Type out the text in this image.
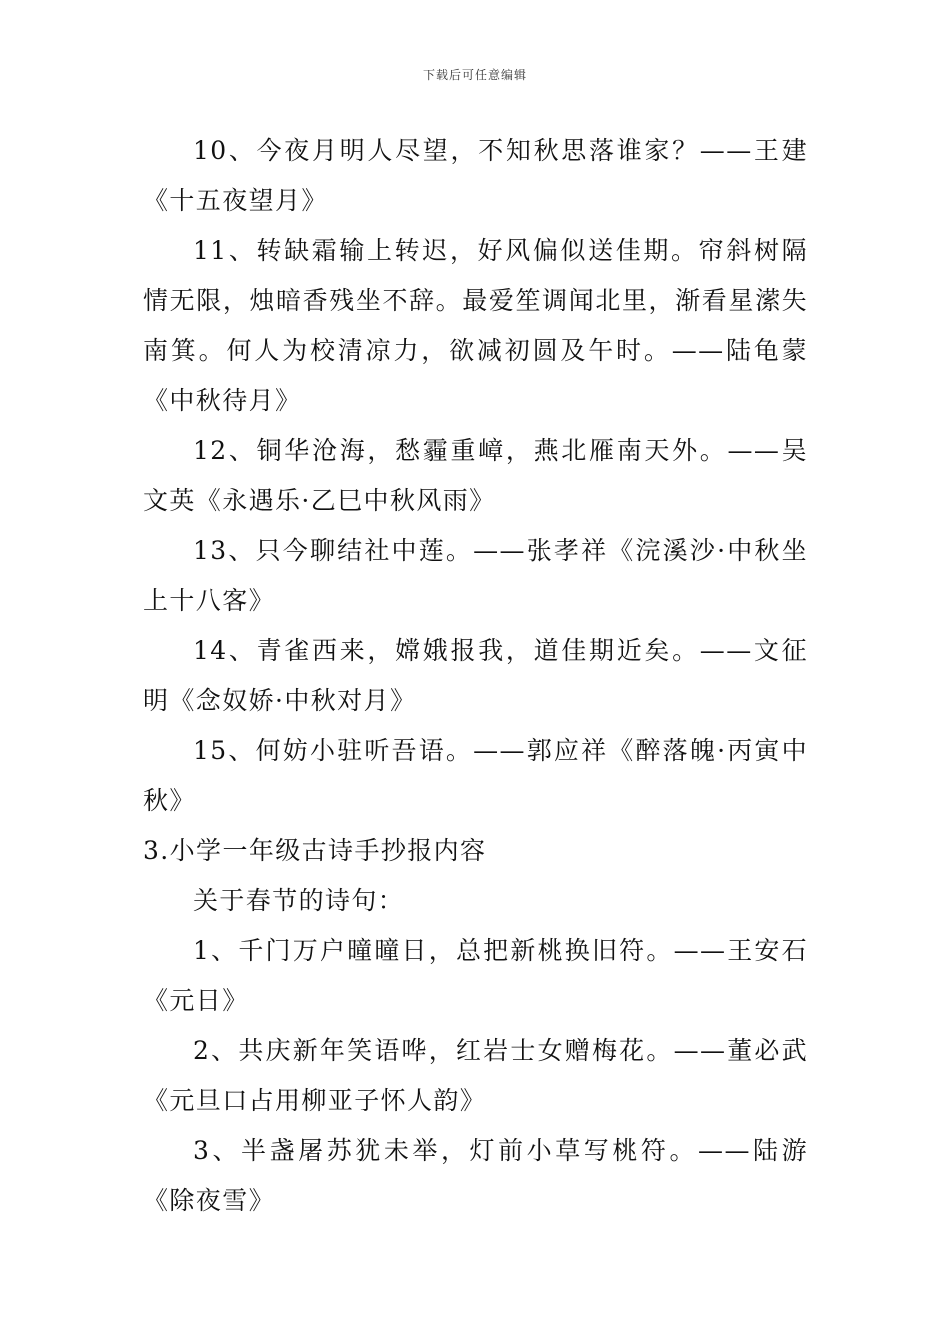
下载后可任意编辑

10、今夜月明人尽望，不知秋思落谁家？——王建《十五夜望月》

11、转缺霜输上转迟，好风偏似送佳期。帘斜树隔情无限，烛暗香残坐不辞。最爱笙调闻北里，渐看星潆失南箕。何人为校清凉力，欲减初圆及午时。——陆龟蒙《中秋待月》

12、铜华沧海，愁霾重嶂，燕北雁南天外。——吴文英《永遇乐·乙巳中秋风雨》

13、只今聊结社中莲。——张孝祥《浣溪沙·中秋坐上十八客》

14、青雀西来，嫦娥报我，道佳期近矣。——文征明《念奴娇·中秋对月》

15、何妨小驻听吾语。——郭应祥《醉落魄·丙寅中秋》

3.小学一年级古诗手抄报内容

关于春节的诗句：

1、千门万户曈曈日，总把新桃换旧符。——王安石《元日》

2、共庆新年笑语哗，红岩士女赠梅花。——董必武《元旦口占用柳亚子怀人韵》

3、半盏屠苏犹未举，灯前小草写桃符。——陆游《除夜雪》
